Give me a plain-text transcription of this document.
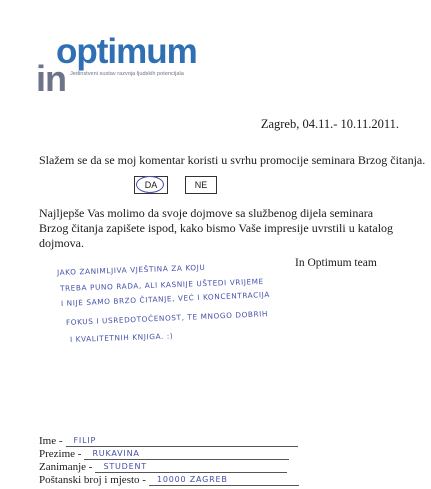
in
optimum
Jedinstveni sustav razvoja ljudskih potencijala
Zagreb, 04.11.- 10.11.2011.
Slažem se da se moj komentar koristi u svrhu promocije seminara Brzog čitanja.
DA	NE
Najljepše Vas molimo da svoje dojmove sa službenog dijela seminara Brzog čitanja zapišete ispod, kako bismo Vaše impresije uvrstili u katalog dojmova.
In Optimum team
JAKO ZANIMLJIVA VJEŠTINA ZA KOJU
TREBA PUNO RADA, ALI KASNIJE UŠTEDI VRIJEME
I NIJE SAMO BRZO ČITANJE, VEĆ I KONCENTRACIJA
FOKUS I USREDOTOČENOST, TE MNOGO DOBRIH
I KVALITETNIH KNJIGA. :)
Ime - FILIP
Prezime - RUKAVINA
Zanimanje - STUDENT
Poštanski broj i mjesto - 10000 ZAGREB
